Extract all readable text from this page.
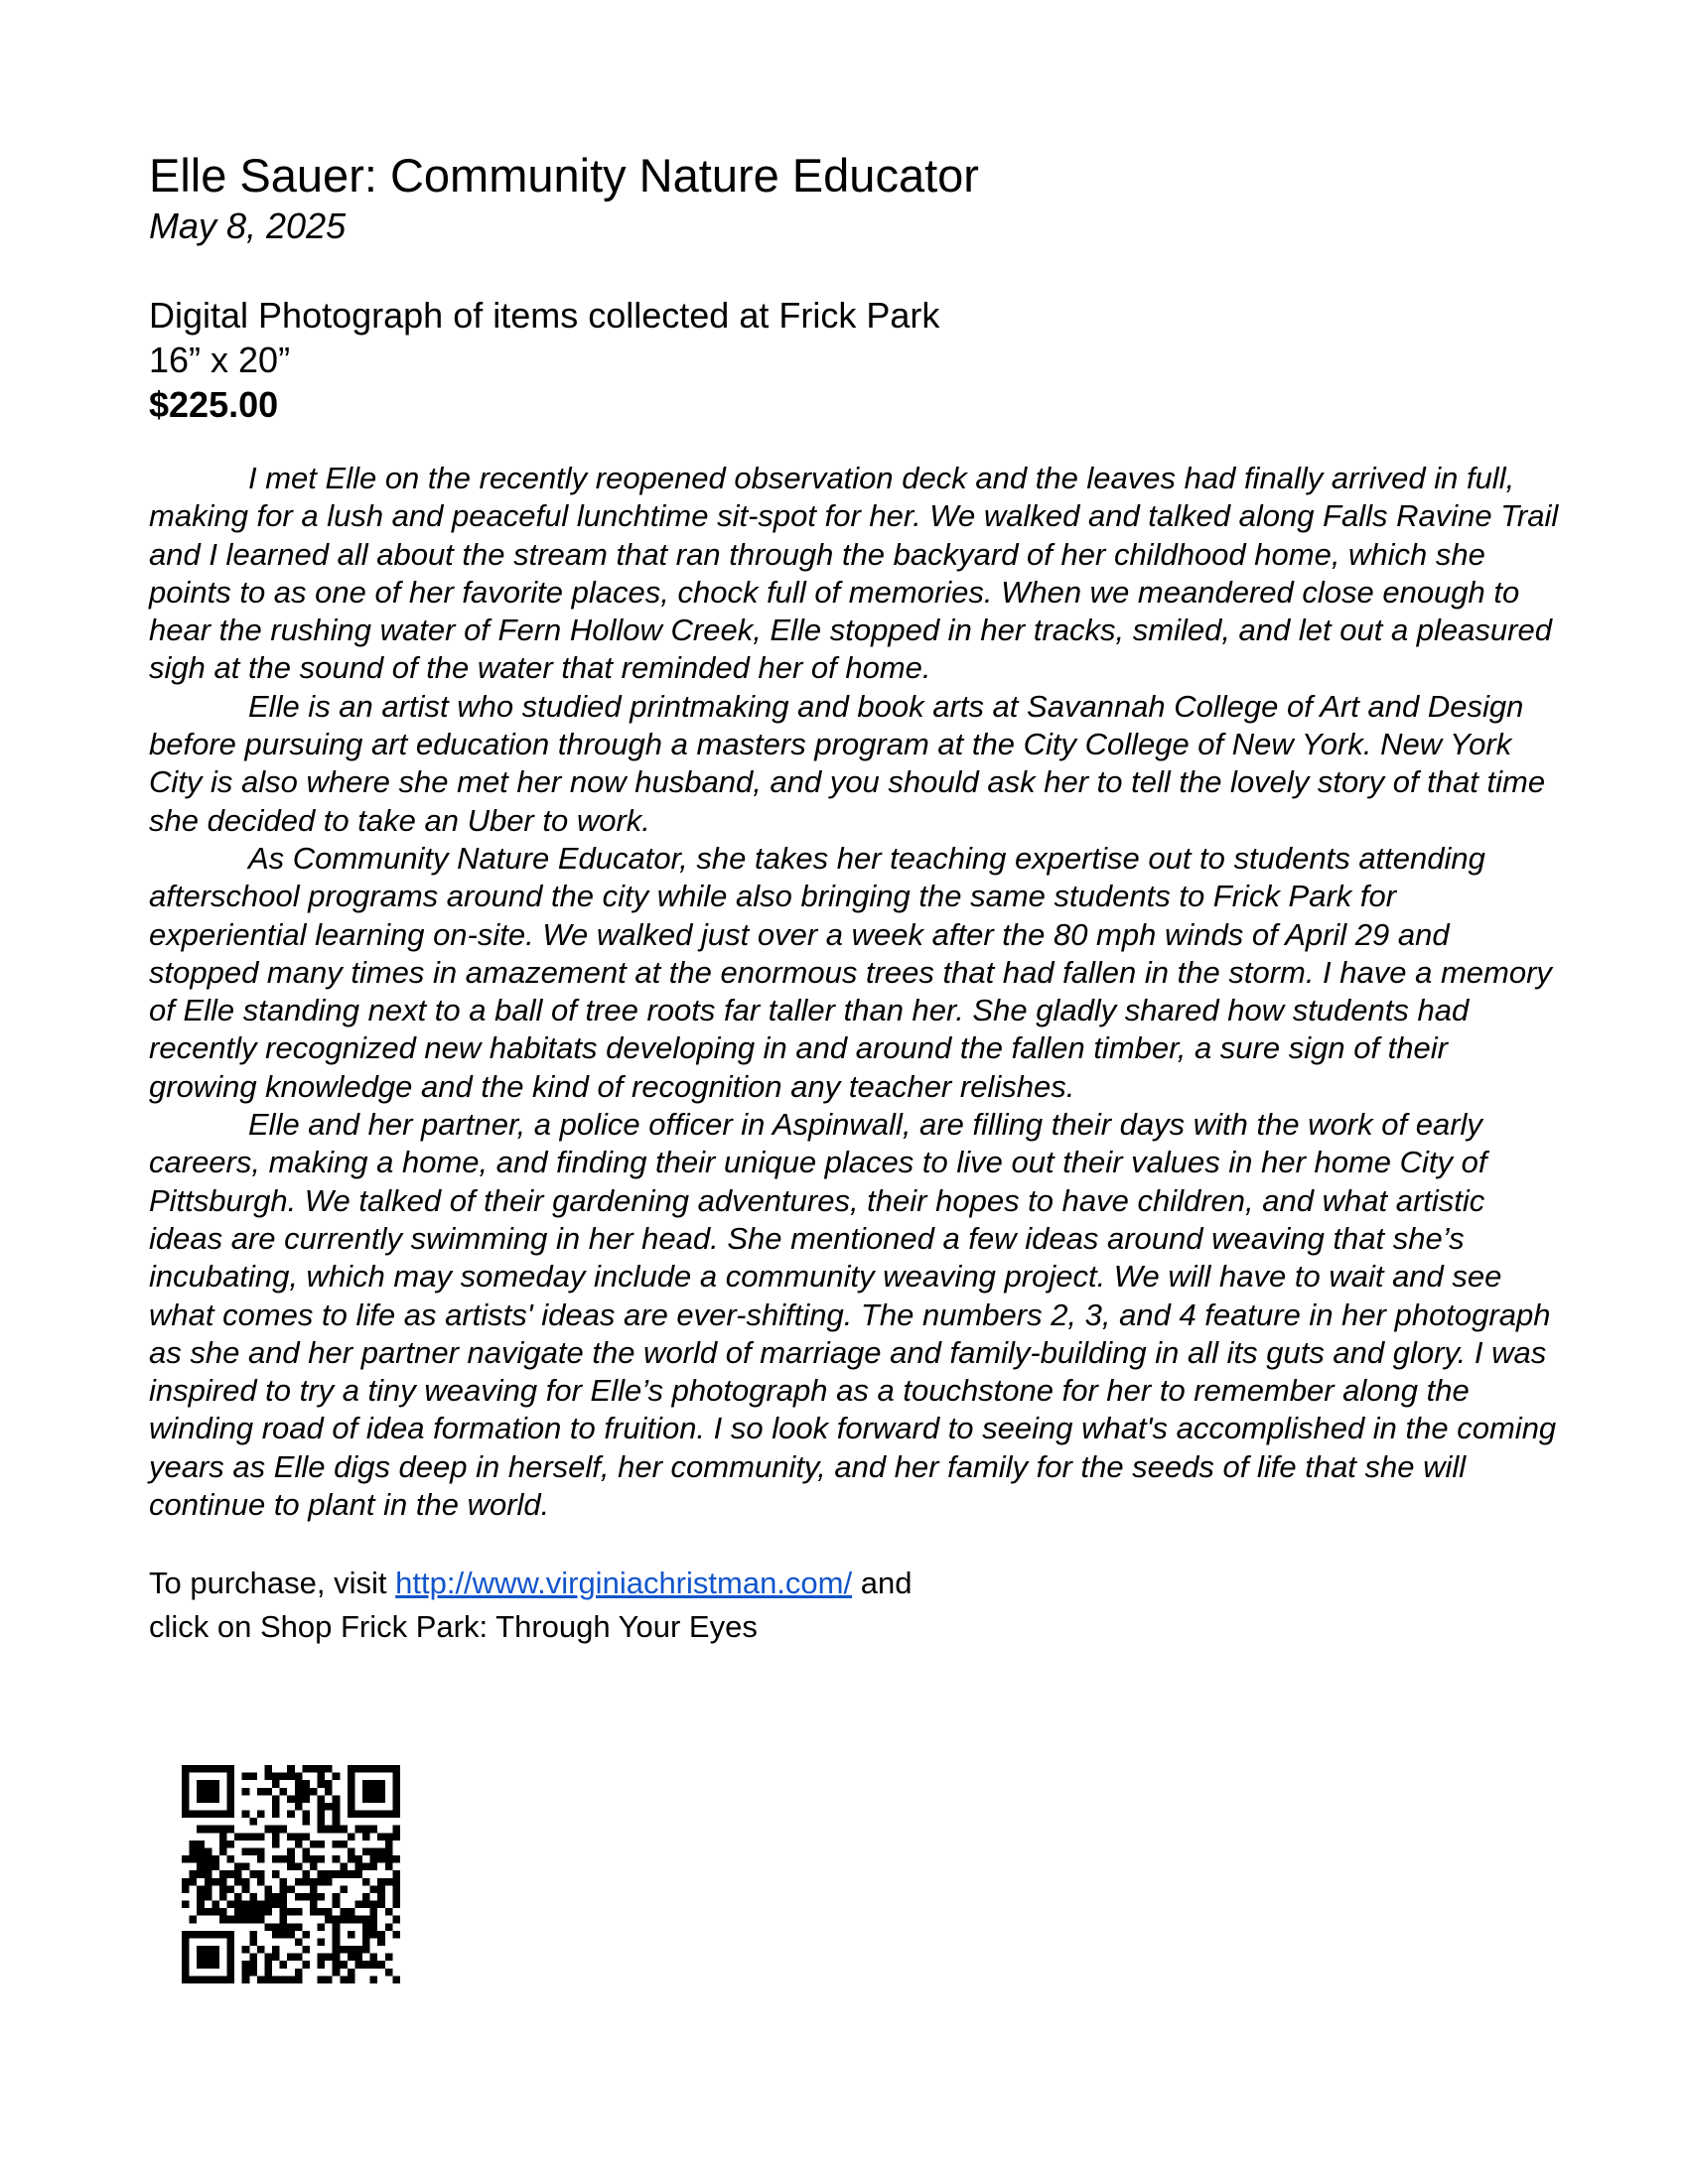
Elle Sauer: Community Nature Educator
May 8, 2025
Digital Photograph of items collected at Frick Park
16” x 20”
$225.00

I met Elle on the recently reopened observation deck and the leaves had finally arrived in full, making for a lush and peaceful lunchtime sit-spot for her. We walked and talked along Falls Ravine Trail and I learned all about the stream that ran through the backyard of her childhood home, which she points to as one of her favorite places, chock full of memories. When we meandered close enough to hear the rushing water of Fern Hollow Creek, Elle stopped in her tracks, smiled, and let out a pleasured sigh at the sound of the water that reminded her of home.

Elle is an artist who studied printmaking and book arts at Savannah College of Art and Design before pursuing art education through a masters program at the City College of New York. New York City is also where she met her now husband, and you should ask her to tell the lovely story of that time she decided to take an Uber to work.

As Community Nature Educator, she takes her teaching expertise out to students attending afterschool programs around the city while also bringing the same students to Frick Park for experiential learning on-site. We walked just over a week after the 80 mph winds of April 29 and stopped many times in amazement at the enormous trees that had fallen in the storm. I have a memory of Elle standing next to a ball of tree roots far taller than her. She gladly shared how students had recently recognized new habitats developing in and around the fallen timber, a sure sign of their growing knowledge and the kind of recognition any teacher relishes.

Elle and her partner, a police officer in Aspinwall, are filling their days with the work of early careers, making a home, and finding their unique places to live out their values in her home City of Pittsburgh. We talked of their gardening adventures, their hopes to have children, and what artistic ideas are currently swimming in her head. She mentioned a few ideas around weaving that she’s incubating, which may someday include a community weaving project. We will have to wait and see what comes to life as artists' ideas are ever-shifting. The numbers 2, 3, and 4 feature in her photograph as she and her partner navigate the world of marriage and family-building in all its guts and glory. I was inspired to try a tiny weaving for Elle’s photograph as a touchstone for her to remember along the winding road of idea formation to fruition. I so look forward to seeing what's accomplished in the coming years as Elle digs deep in herself, her community, and her family for the seeds of life that she will continue to plant in the world.

To purchase, visit http://www.virginiachristman.com/ and
click on Shop Frick Park: Through Your Eyes
